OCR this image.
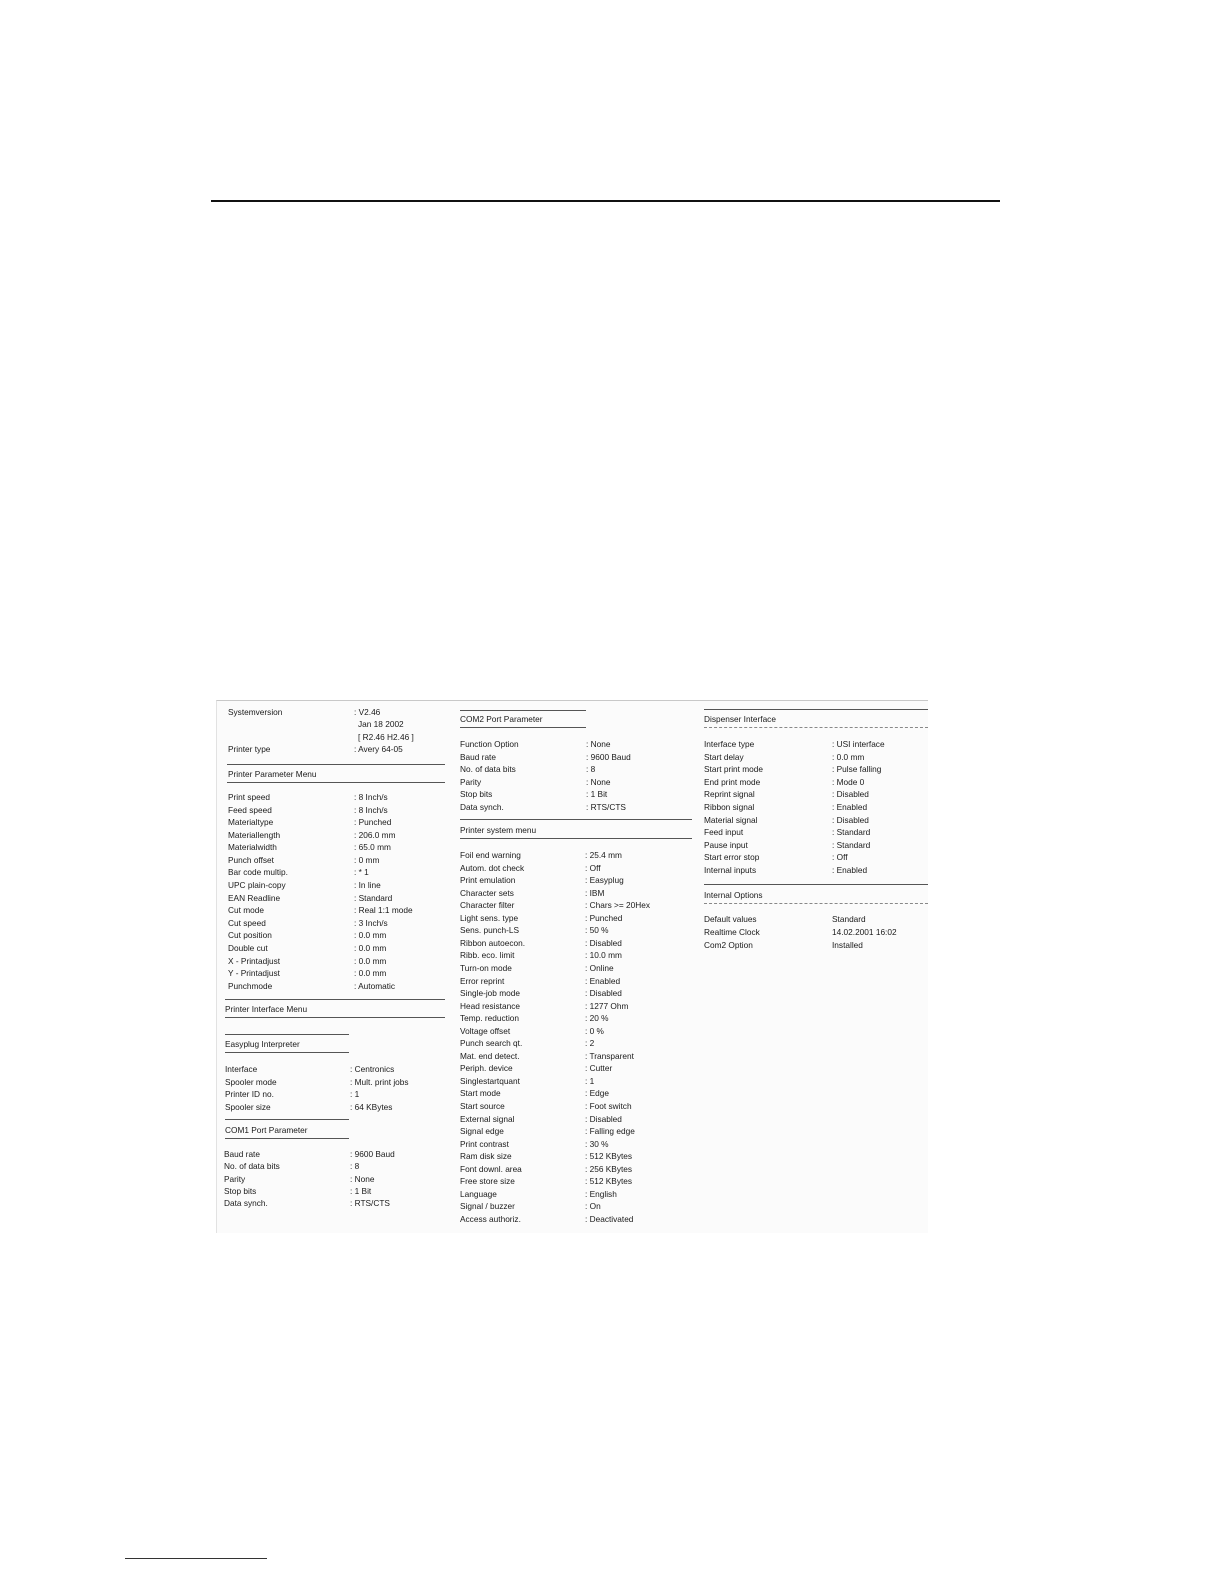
Systemversion	: V2.46
Jan 18 2002
[ R2.46 H2.46 ]
Printer type	: Avery 64-05
Printer Parameter Menu
Print speed	: 8 Inch/s
Feed speed	: 8 Inch/s
Materialtype	: Punched
Materiallength	: 206.0 mm
Materialwidth	: 65.0 mm
Punch offset	: 0 mm
Bar code multip.	: * 1
UPC plain-copy	: In line
EAN Readline	: Standard
Cut mode	: Real 1:1 mode
Cut speed	: 3 Inch/s
Cut position	: 0.0 mm
Double cut	: 0.0 mm
X - Printadjust	: 0.0 mm
Y - Printadjust	: 0.0 mm
Punchmode	: Automatic
Printer Interface Menu
Easyplug Interpreter
Interface	: Centronics
Spooler mode	: Mult. print jobs
Printer ID no.	: 1
Spooler size	: 64 KBytes
COM1 Port Parameter
Baud rate	: 9600 Baud
No. of data bits	: 8
Parity	: None
Stop bits	: 1 Bit
Data synch.	: RTS/CTS
COM2 Port Parameter
Function Option	: None
Baud rate	: 9600 Baud
No. of data bits	: 8
Parity	: None
Stop bits	: 1 Bit
Data synch.	: RTS/CTS
Printer system menu
Foil end warning	: 25.4 mm
Autom. dot check	: Off
Print emulation	: Easyplug
Character sets	: IBM
Character filter	: Chars >= 20Hex
Light sens. type	: Punched
Sens. punch-LS	: 50 %
Ribbon autoecon.	: Disabled
Ribb. eco. limit	: 10.0 mm
Turn-on mode	: Online
Error reprint	: Enabled
Single-job mode	: Disabled
Head resistance	: 1277 Ohm
Temp. reduction	: 20 %
Voltage offset	: 0 %
Punch search qt.	: 2
Mat. end detect.	: Transparent
Periph. device	: Cutter
Singlestartquant	: 1
Start mode	: Edge
Start source	: Foot switch
External signal	: Disabled
Signal edge	: Falling edge
Print contrast	: 30 %
Ram disk size	: 512 KBytes
Font downl. area	: 256 KBytes
Free store size	: 512 KBytes
Language	: English
Signal / buzzer	: On
Access authoriz.	: Deactivated
Dispenser Interface
Interface type	: USI interface
Start delay	: 0.0 mm
Start print mode	: Pulse falling
End print mode	: Mode 0
Reprint signal	: Disabled
Ribbon signal	: Enabled
Material signal	: Disabled
Feed input	: Standard
Pause input	: Standard
Start error stop	: Off
Internal inputs	: Enabled
Internal Options
Default values	Standard
Realtime Clock	14.02.2001 16:02
Com2 Option	Installed
